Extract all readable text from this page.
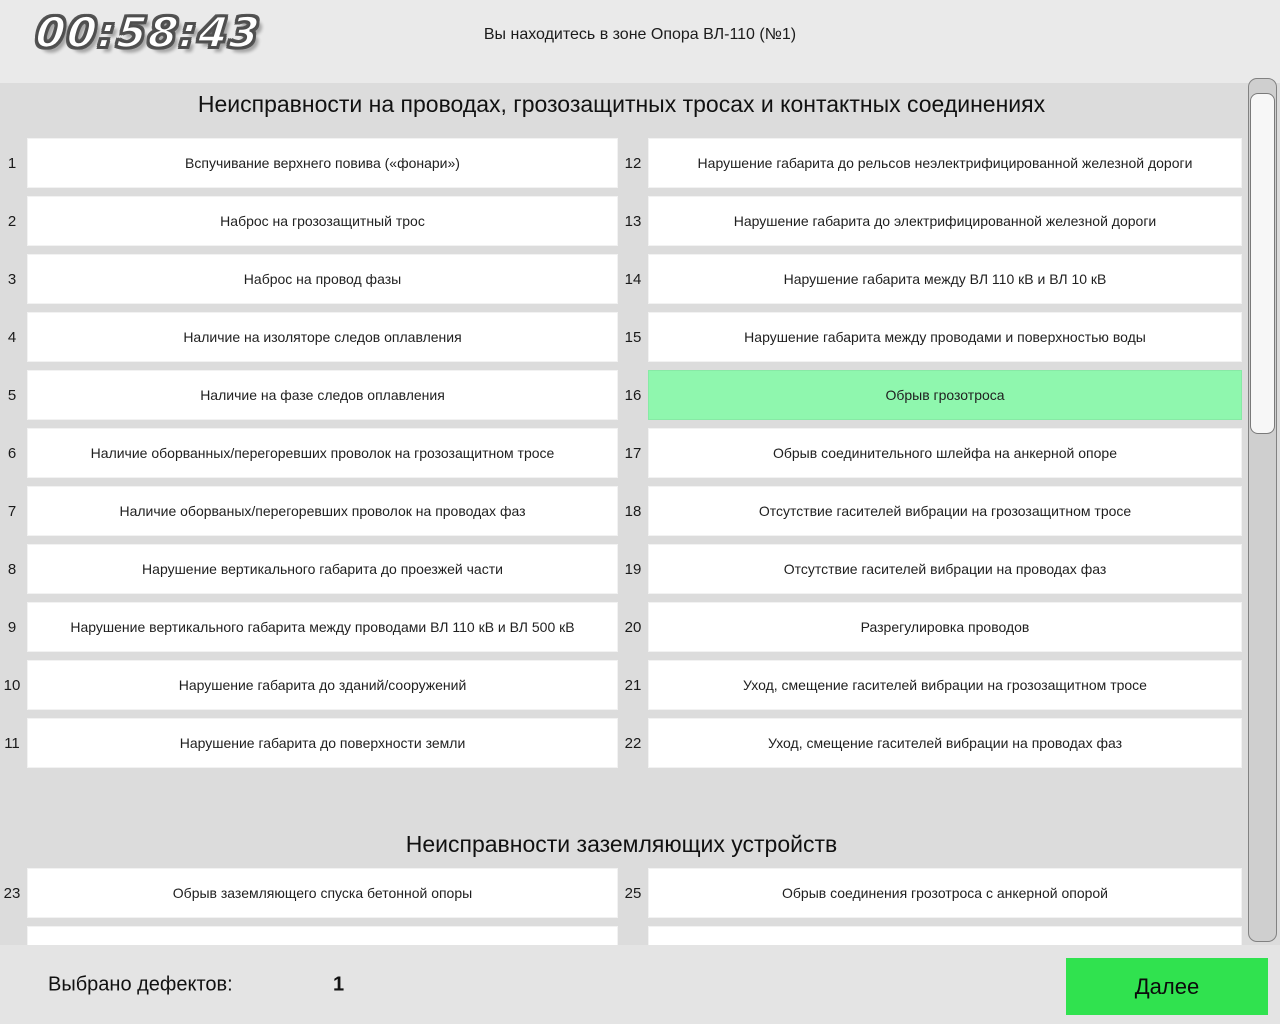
00:58:43	Вы находитесь в зоне Опора ВЛ-110 (№1)
Неисправности на проводах, грозозащитных тросах и контактных соединениях
1	Вспучивание верхнего повива («фонари»)
2	Наброс на грозозащитный трос
3	Наброс на провод фазы
4	Наличие на изоляторе следов оплавления
5	Наличие на фазе следов оплавления
6	Наличие оборванных/перегоревших проволок на грозозащитном тросе
7	Наличие оборваных/перегоревших проволок на проводах фаз
8	Нарушение вертикального габарита до проезжей части
9	Нарушение вертикального габарита между проводами ВЛ 110 кВ и ВЛ 500 кВ
10	Нарушение габарита до зданий/сооружений
11	Нарушение габарита до поверхности земли
12	Нарушение габарита до рельсов неэлектрифицированной железной дороги
13	Нарушение габарита до электрифицированной железной дороги
14	Нарушение габарита между ВЛ 110 кВ и ВЛ 10 кВ
15	Нарушение габарита между проводами и поверхностью воды
16	Обрыв грозотроса
17	Обрыв соединительного шлейфа на анкерной опоре
18	Отсутствие гасителей вибрации на грозозащитном тросе
19	Отсутствие гасителей вибрации на проводах фаз
20	Разрегулировка проводов
21	Уход, смещение гасителей вибрации на грозозащитном тросе
22	Уход, смещение гасителей вибрации на проводах фаз
Неисправности заземляющих устройств
23	Обрыв заземляющего спуска бетонной опоры	25	Обрыв соединения грозотроса с анкерной опорой
Выбрано дефектов:	1	Далее
